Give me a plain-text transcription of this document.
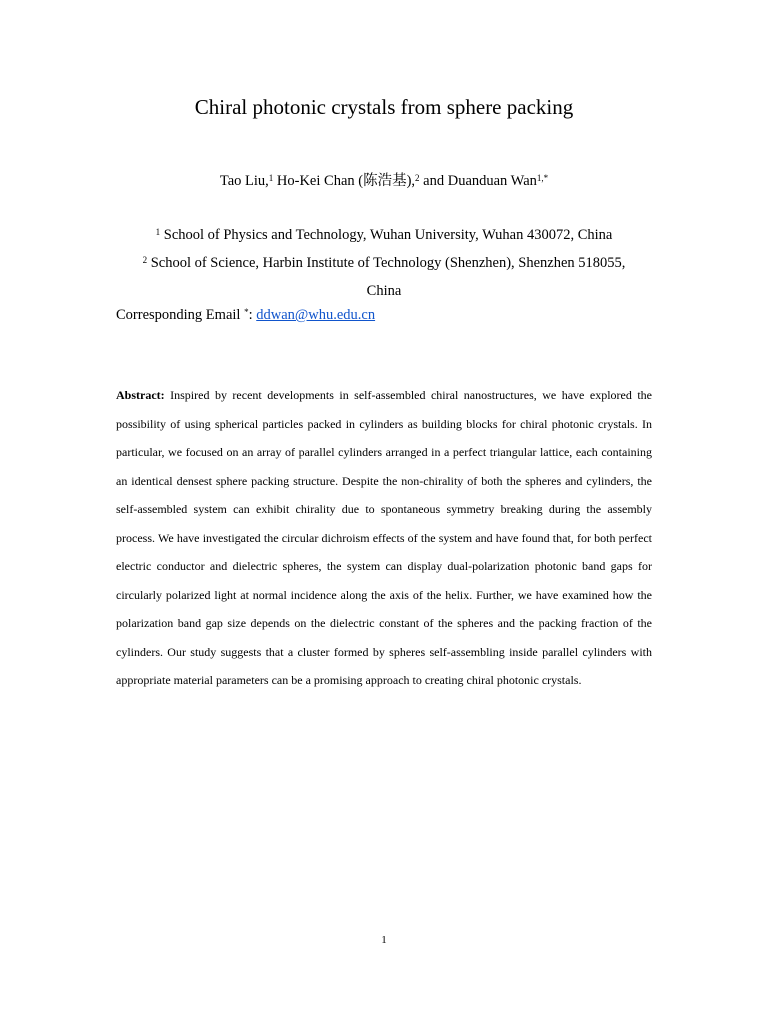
Chiral photonic crystals from sphere packing
Tao Liu,$^1$ Ho-Kei Chan (陈浩基),$^2$ and Duanduan Wan$^{1,*}$
$^1$ School of Physics and Technology, Wuhan University, Wuhan 430072, China
$^2$ School of Science, Harbin Institute of Technology (Shenzhen), Shenzhen 518055,
China
Corresponding Email *: ddwan@whu.edu.cn
Abstract: Inspired by recent developments in self-assembled chiral nanostructures, we have explored the possibility of using spherical particles packed in cylinders as building blocks for chiral photonic crystals. In particular, we focused on an array of parallel cylinders arranged in a perfect triangular lattice, each containing an identical densest sphere packing structure. Despite the non-chirality of both the spheres and cylinders, the self-assembled system can exhibit chirality due to spontaneous symmetry breaking during the assembly process. We have investigated the circular dichroism effects of the system and have found that, for both perfect electric conductor and dielectric spheres, the system can display dual-polarization photonic band gaps for circularly polarized light at normal incidence along the axis of the helix. Further, we have examined how the polarization band gap size depends on the dielectric constant of the spheres and the packing fraction of the cylinders. Our study suggests that a cluster formed by spheres self-assembling inside parallel cylinders with appropriate material parameters can be a promising approach to creating chiral photonic crystals.
1
